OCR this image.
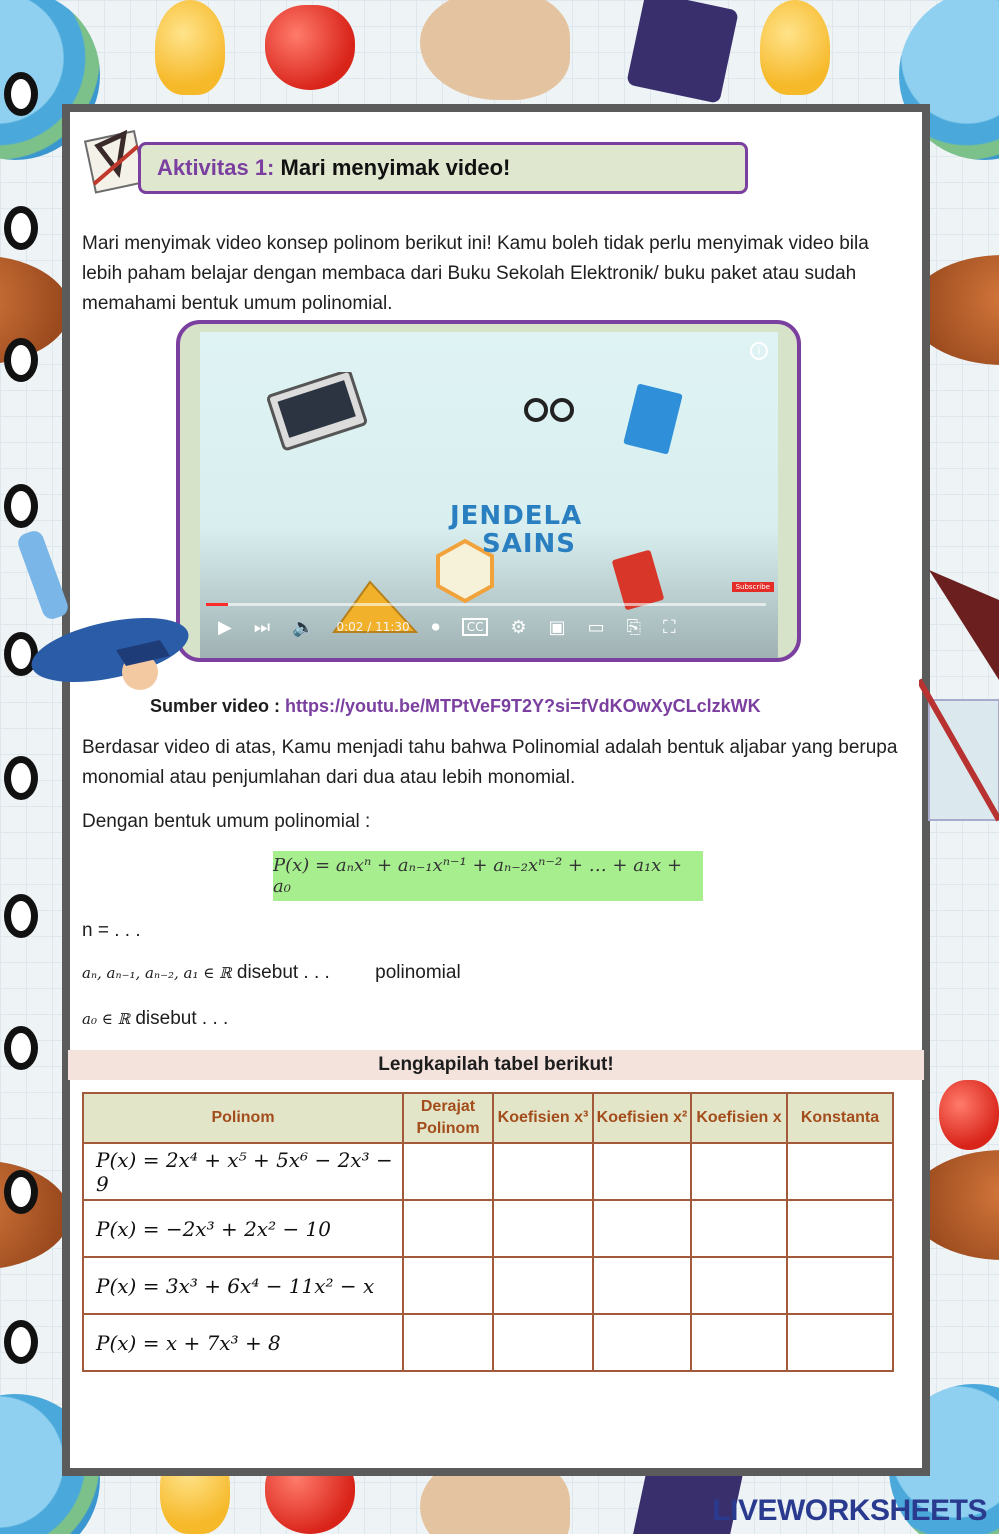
Aktivitas 1: Mari menyimak video!
Mari menyimak video konsep polinom berikut ini! Kamu boleh tidak perlu menyimak video bila lebih paham belajar dengan membaca dari Buku Sekolah Elektronik/ buku paket atau sudah memahami bentuk umum polinomial.
JENDELA
SAINS
Subscribe
i
▶ ⏭ 🔈 0:02 / 11:30 ⏺	CC ⚙ ▣ ▭ ⎘ ⛶
Sumber video : https://youtu.be/MTPtVeF9T2Y?si=fVdKOwXyCLclzkWK
Berdasar video di atas, Kamu menjadi tahu bahwa Polinomial adalah bentuk aljabar yang berupa monomial atau penjumlahan dari dua atau lebih monomial.
Dengan bentuk umum polinomial :
P(x) = aₙxⁿ + aₙ₋₁xⁿ⁻¹ + aₙ₋₂xⁿ⁻² + … + a₁x + a₀
n = . . .
aₙ, aₙ₋₁, aₙ₋₂, a₁ ∈ ℝ disebut . . . polinomial
a₀ ∈ ℝ disebut . . .
Lengkapilah tabel berikut!
Polinom	Derajat Polinom	Koefisien x³	Koefisien x²	Koefisien x	Konstanta
P(x) = 2x⁴ + x⁵ + 5x⁶ − 2x³ − 9					
P(x) = −2x³ + 2x² − 10					
P(x) = 3x³ + 6x⁴ − 11x² − x					
P(x) = x + 7x³ + 8					
LIVEWORKSHEETS
